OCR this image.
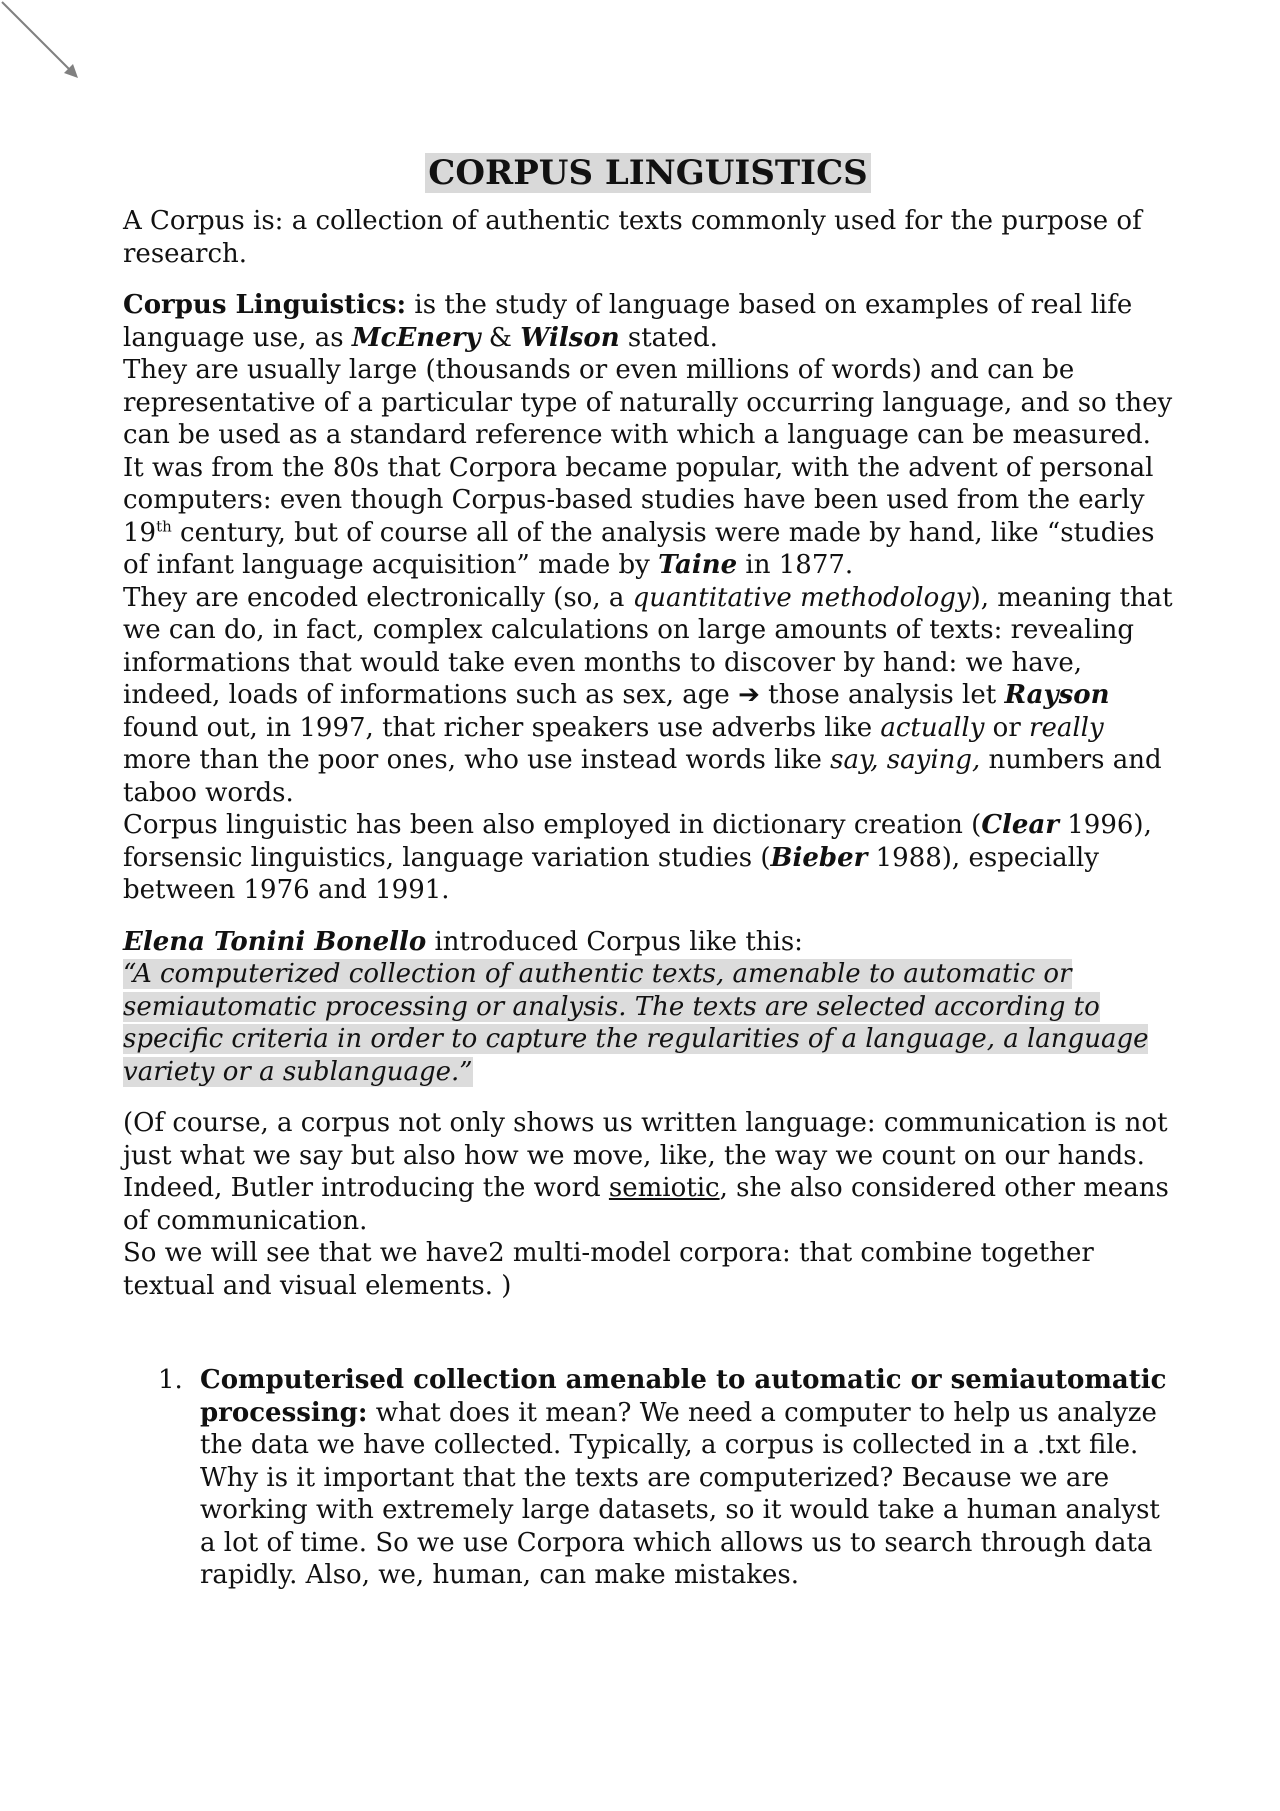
CORPUS LINGUISTICS

A Corpus is: a collection of authentic texts commonly used for the purpose of research.

Corpus Linguistics: is the study of language based on examples of real life language use, as McEnery & Wilson stated.

They are usually large (thousands or even millions of words) and can be representative of a particular type of naturally occurring language, and so they can be used as a standard reference with which a language can be measured.

It was from the 80s that Corpora became popular, with the advent of personal computers: even though Corpus-based studies have been used from the early 19th century, but of course all of the analysis were made by hand, like “studies of infant language acquisition” made by Taine in 1877.

They are encoded electronically (so, a quantitative methodology), meaning that we can do, in fact, complex calculations on large amounts of texts: revealing informations that would take even months to discover by hand: we have, indeed, loads of informations such as sex, age ➔ those analysis let Rayson found out, in 1997, that richer speakers use adverbs like actually or really more than the poor ones, who use instead words like say, saying, numbers and taboo words.

Corpus linguistic has been also employed in dictionary creation (Clear 1996), forsensic linguistics, language variation studies (Bieber 1988), especially between 1976 and 1991.

Elena Tonini Bonello introduced Corpus like this:
“A computerized collection of authentic texts, amenable to automatic or semiautomatic processing or analysis. The texts are selected according to specific criteria in order to capture the regularities of a language, a language variety or a sublanguage.”

(Of course, a corpus not only shows us written language: communication is not just what we say but also how we move, like, the way we count on our hands. Indeed, Butler introducing the word semiotic, she also considered other means of communication.

So we will see that we have2 multi-model corpora: that combine together textual and visual elements. )

1. Computerised collection amenable to automatic or semiautomatic processing: what does it mean? We need a computer to help us analyze the data we have collected. Typically, a corpus is collected in a .txt file. Why is it important that the texts are computerized? Because we are working with extremely large datasets, so it would take a human analyst a lot of time. So we use Corpora which allows us to search through data rapidly. Also, we, human, can make mistakes.
